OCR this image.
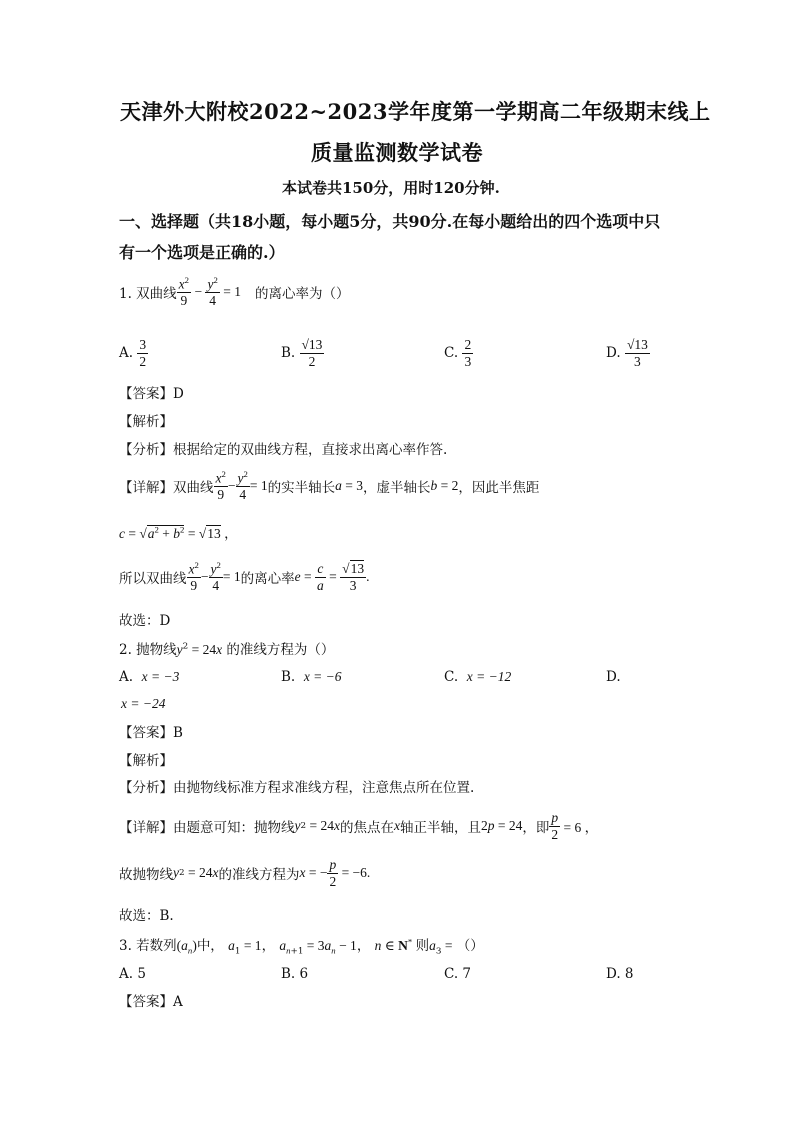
天津外大附校2022~2023学年度第一学期高二年级期末线上
质量监测数学试卷
本试卷共150分，用时120分钟.
一、选择题（共18小题，每小题5分，共90分.在每小题给出的四个选项中只
有一个选项是正确的.）
1. 双曲线 $\frac{x^2}{9} - \frac{y^2}{4} = 1$ 的离心率为（）
A.
$\frac{3}{2}$	B.
$\frac{√13}{2}$	C.
$\frac{2}{3}$	D.
$\frac{√13}{3}$
【答案】D
【解析】
【分析】根据给定的双曲线方程，直接求出离心率作答.
【详解】 双曲线 $\frac{x^2}{9} - \frac{y^2}{4} = 1$ 的实半轴长 a = 3 ，虚半轴长 b = 2 ，因此半焦距
$c = √a^2 + b^2 = √13$ ，
所以双曲线 $\frac{x^2}{9} - \frac{y^2}{4} = 1$ 的离心率 $e = \frac{c}{a} = \frac{√13}{3}$ .
故选：D
2. 抛物线$y^2 = 24x$ 的准线方程为（）
A. x = −3	B. x = −6	C. x = −12	D.
x = −24
【答案】B
【解析】
【分析】由抛物线标准方程求准线方程，注意焦点所在位置.
【详解】 由题意可知：抛物线 y 2 = 24 x 的焦点在 x 轴正半轴，且 2 p = 24 ，即 $\frac{p}{2} = 6$ ，
故抛物线 y 2 = 24 x 的准线方程为 x = − $\frac{p}{2} = -6$.
故选：B.
3. 若数列$(a_n)$中， $a_1 = 1$， $a_{n+1} = 3a_n - 1$， n ∈ N* 则$a_3$ = （）
A. 5	B. 6	C. 7	D. 8
【答案】A
